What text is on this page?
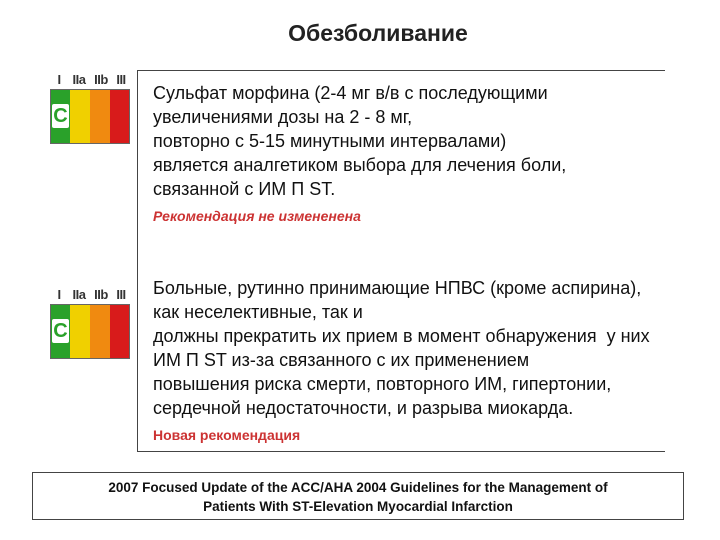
Обезболивание
I IIa IIb III
C
I IIa IIb III
C
Сульфат морфина (2-4 мг в/в с последующими
увеличениями дозы на 2 - 8 мг,
повторно с 5-15 минутными интервалами)
является аналгетиком выбора для лечения боли,
связанной с ИМ П ST.
Рекомендация не измененена
Больные, рутинно принимающие НПВС (кроме аспирина),
как неселективные, так и
должны прекратить их прием в момент обнаружения  у них
ИМ П ST из-за связанного с их применением
повышения риска смерти, повторного ИМ, гипертонии,
сердечной недостаточности, и разрыва миокарда.
Новая рекомендация
2007 Focused Update of the ACC/AHA 2004 Guidelines for the Management of
Patients With ST-Elevation Myocardial Infarction
